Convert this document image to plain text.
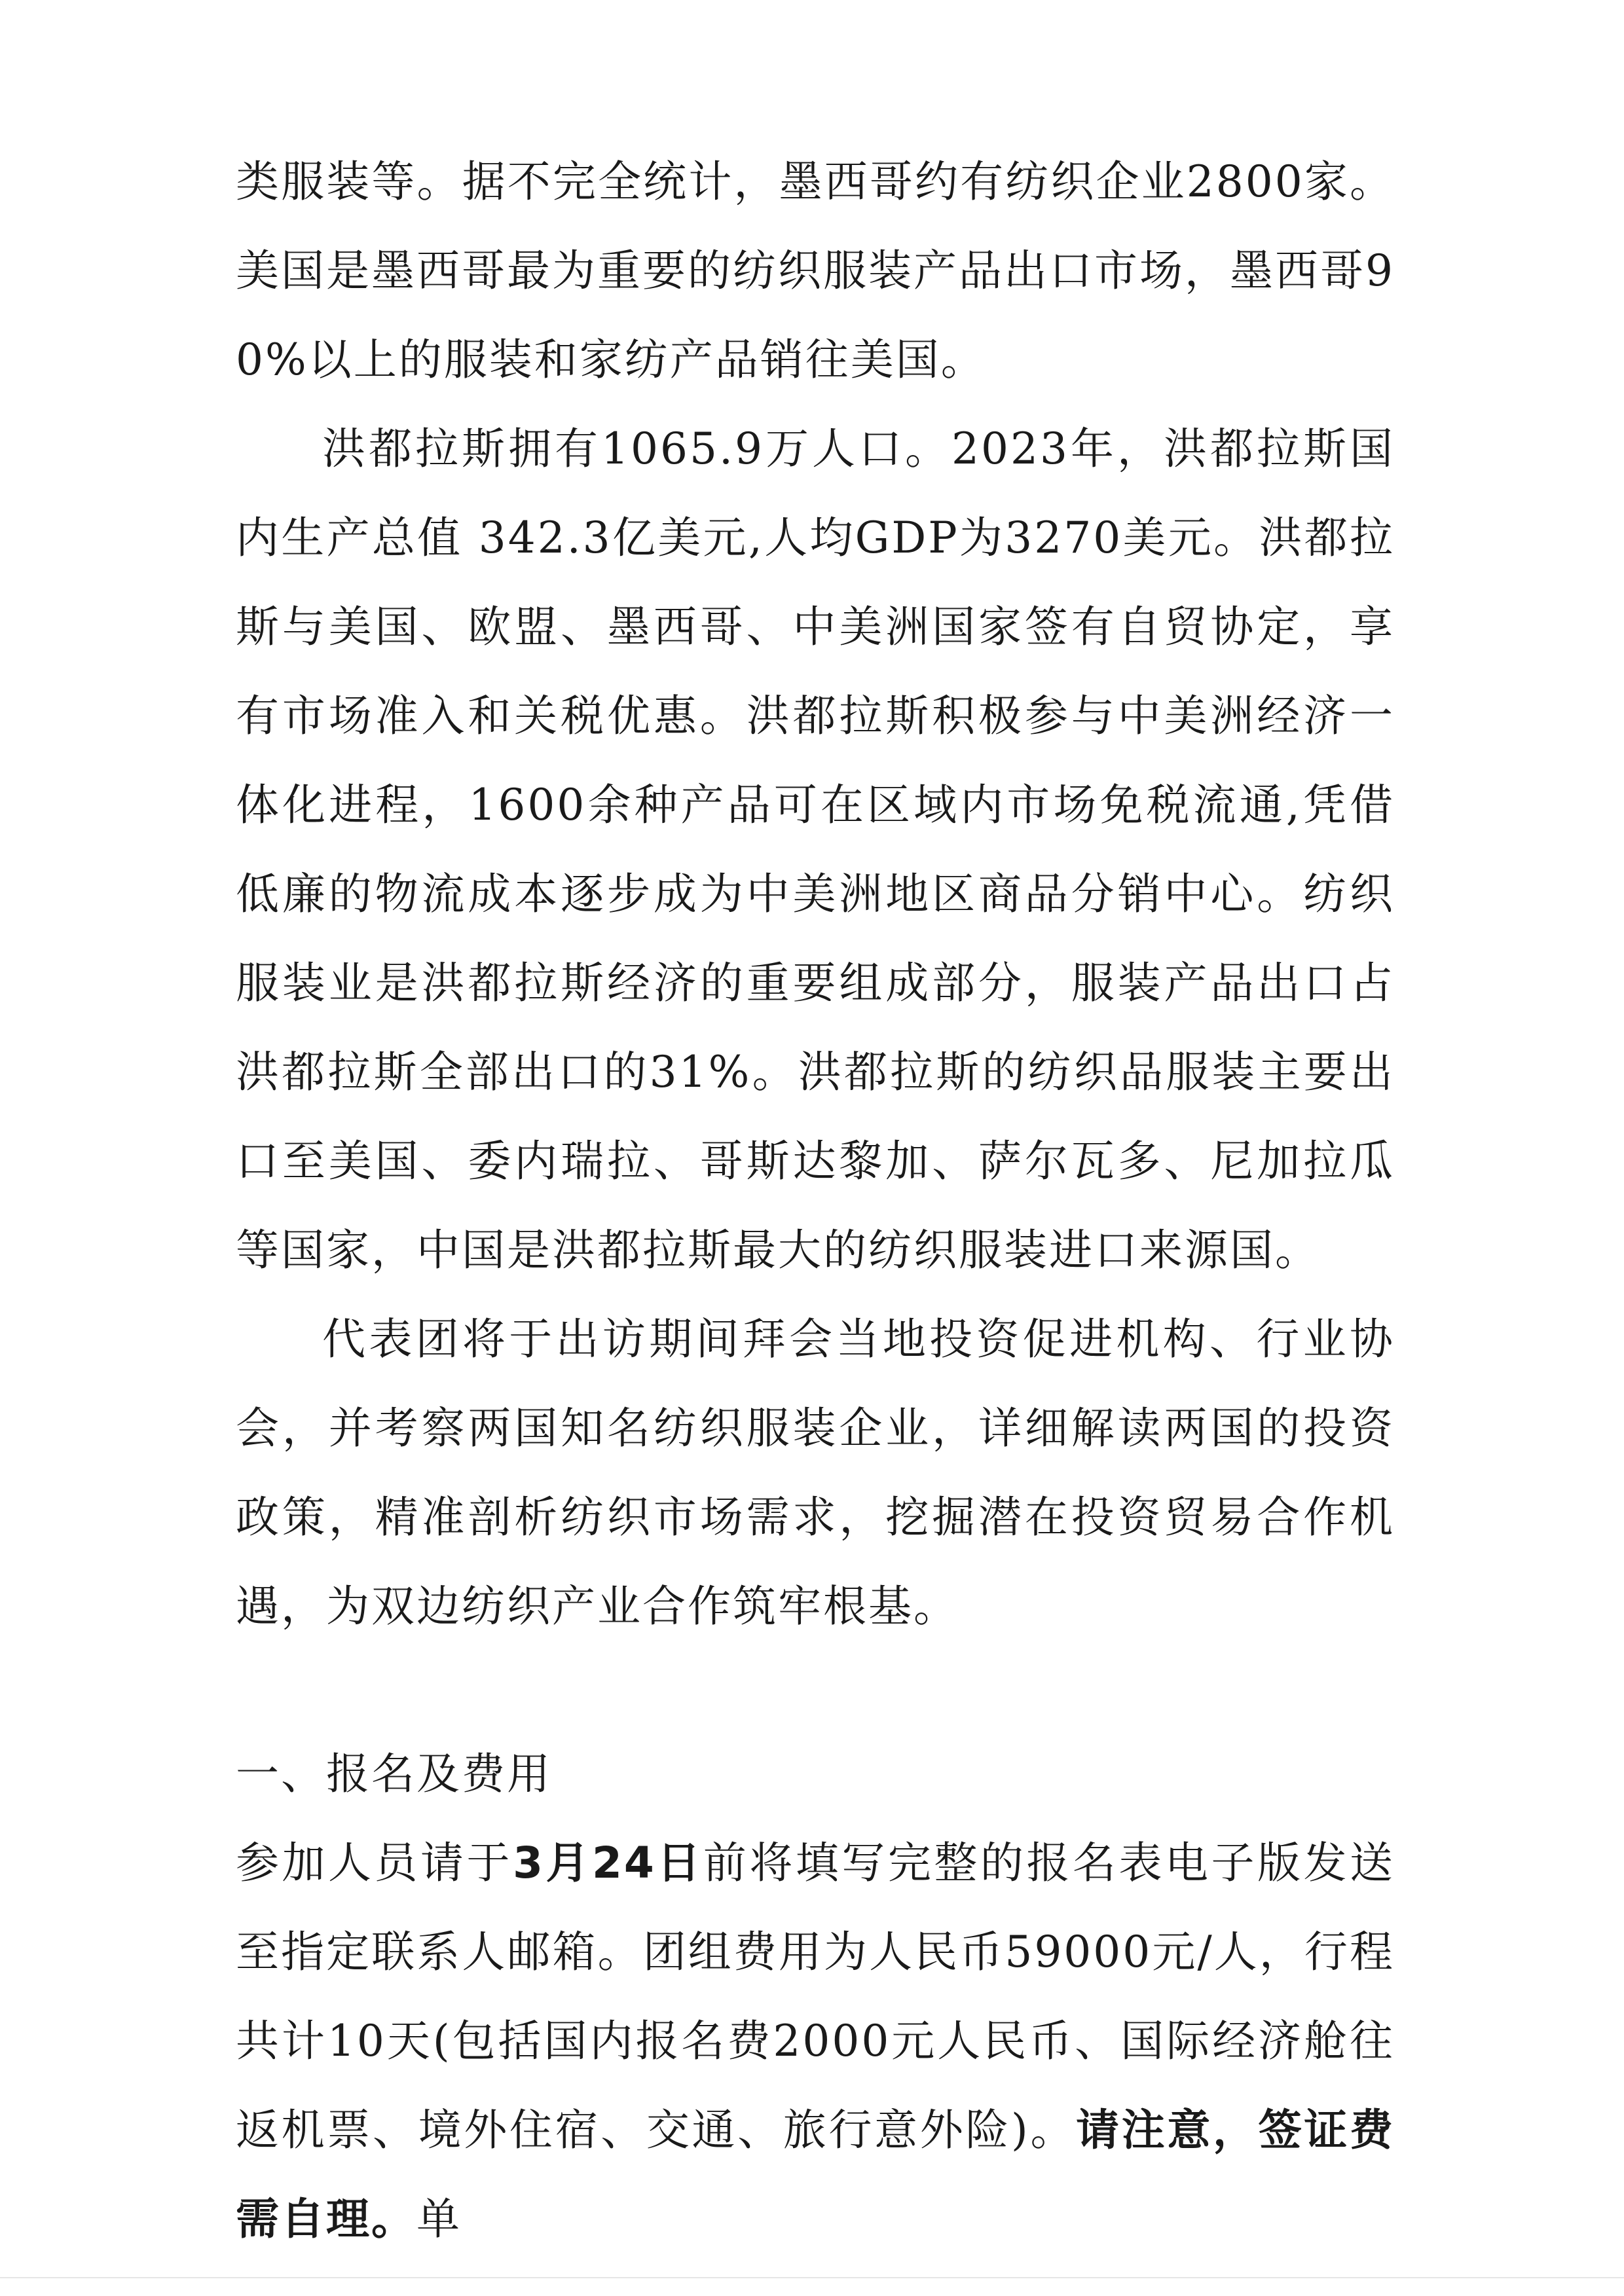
类服装等。据不完全统计，墨西哥约有纺织企业2800家。美国是墨西哥最为重要的纺织服装产品出口市场，墨西哥90%以上的服装和家纺产品销往美国。

洪都拉斯拥有1065.9万人口。2023年，洪都拉斯国内生产总值 342.3亿美元,人均GDP为3270美元。洪都拉斯与美国、欧盟、墨西哥、中美洲国家签有自贸协定，享有市场准入和关税优惠。洪都拉斯积极参与中美洲经济一体化进程，1600余种产品可在区域内市场免税流通,凭借低廉的物流成本逐步成为中美洲地区商品分销中心。纺织服装业是洪都拉斯经济的重要组成部分，服装产品出口占洪都拉斯全部出口的31%。洪都拉斯的纺织品服装主要出口至美国、委内瑞拉、哥斯达黎加、萨尔瓦多、尼加拉瓜等国家，中国是洪都拉斯最大的纺织服装进口来源国。

代表团将于出访期间拜会当地投资促进机构、行业协会，并考察两国知名纺织服装企业，详细解读两国的投资政策，精准剖析纺织市场需求，挖掘潜在投资贸易合作机遇，为双边纺织产业合作筑牢根基。

一、报名及费用

参加人员请于3月24日前将填写完整的报名表电子版发送至指定联系人邮箱。团组费用为人民币59000元/人，行程共计10天(包括国内报名费2000元人民币、国际经济舱往返机票、境外住宿、交通、旅行意外险)。请注意，签证费需自理。单
